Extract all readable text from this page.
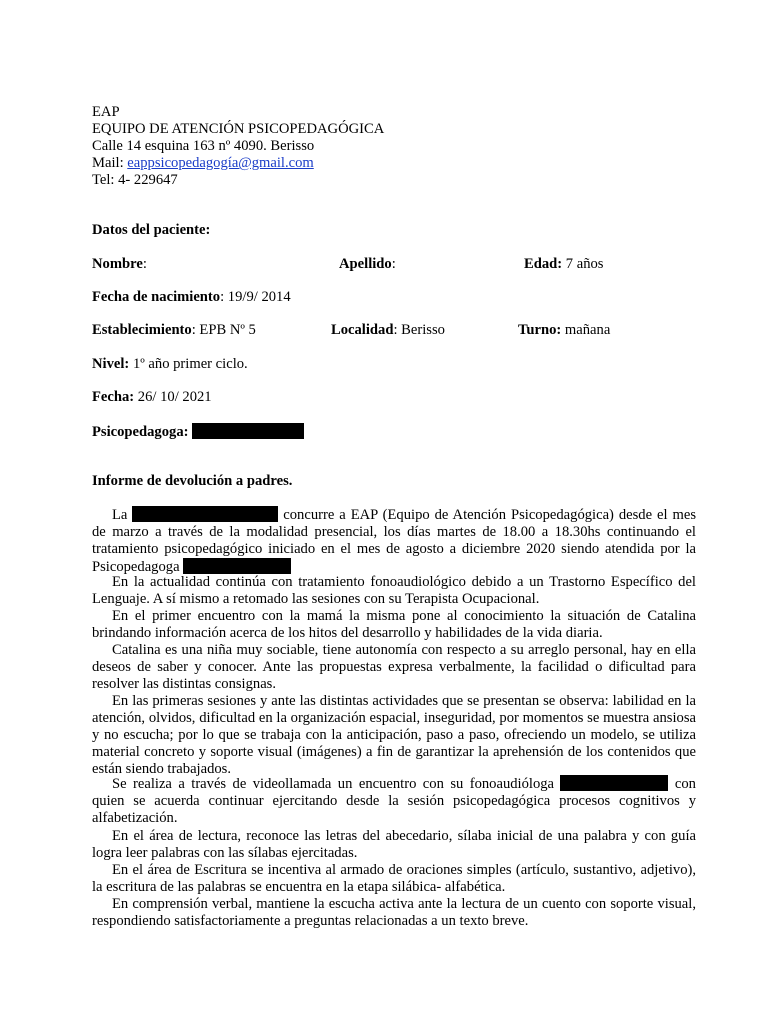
EAP
EQUIPO DE ATENCIÓN PSICOPEDAGÓGICA
Calle 14 esquina 163 nº 4090. Berisso
Mail: eappsicopedagogía@gmail.com
Tel: 4- 229647
Datos del paciente:
Nombre:	Apellido:	Edad: 7 años
Fecha de nacimiento: 19/9/ 2014
Establecimiento: EPB Nº 5	Localidad: Berisso	Turno: mañana
Nivel: 1º año primer ciclo.
Fecha: 26/ 10/ 2021
Psicopedagoga:
Informe de devolución a padres.
La	concurre a EAP (Equipo de Atención Psicopedagógica) desde el mes de marzo a través de la modalidad presencial, los días martes de 18.00 a 18.30hs continuando el tratamiento psicopedagógico iniciado en el mes de agosto a diciembre 2020 siendo atendida por la Psicopedagoga
En la actualidad continúa con tratamiento fonoaudiológico debido a un Trastorno Específico del Lenguaje. A sí mismo a retomado las sesiones con su Terapista Ocupacional.
En el primer encuentro con la mamá la misma pone al conocimiento la situación de Catalina brindando información acerca de los hitos del desarrollo y habilidades de la vida diaria.
Catalina es una niña muy sociable, tiene autonomía con respecto a su arreglo personal, hay en ella deseos de saber y conocer. Ante las propuestas expresa verbalmente, la facilidad o dificultad para resolver las distintas consignas.
En las primeras sesiones y ante las distintas actividades que se presentan se observa: labilidad en la atención, olvidos, dificultad en la organización espacial, inseguridad, por momentos se muestra ansiosa y no escucha; por lo que se trabaja con la anticipación, paso a paso, ofreciendo un modelo, se utiliza material concreto y soporte visual (imágenes) a fin de garantizar la aprehensión de los contenidos que están siendo trabajados.
Se realiza a través de videollamada un encuentro con su fonoaudióloga	con quien se acuerda continuar ejercitando desde la sesión psicopedagógica procesos cognitivos y alfabetización.
En el área de lectura, reconoce las letras del abecedario, sílaba inicial de una palabra y con guía logra leer palabras con las sílabas ejercitadas.
En el área de Escritura se incentiva al armado de oraciones simples (artículo, sustantivo, adjetivo), la escritura de las palabras se encuentra en la etapa silábica- alfabética.
En comprensión verbal, mantiene la escucha activa ante la lectura de un cuento con soporte visual, respondiendo satisfactoriamente a preguntas relacionadas a un texto breve.
